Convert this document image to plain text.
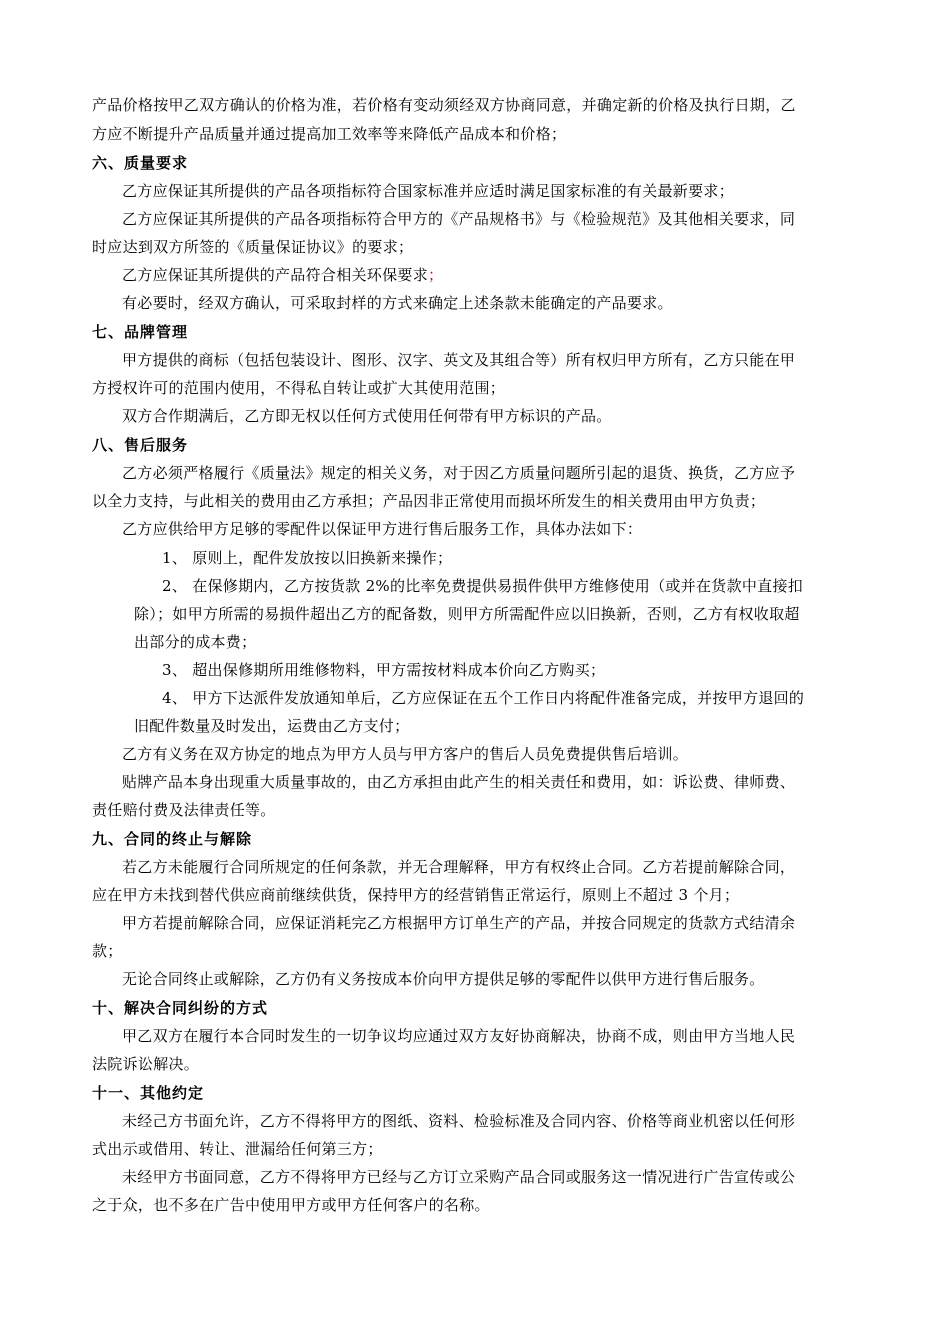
产品价格按甲乙双方确认的价格为准，若价格有变动须经双方协商同意，并确定新的价格及执行日期，乙
方应不断提升产品质量并通过提高加工效率等来降低产品成本和价格；
六、质量要求
乙方应保证其所提供的产品各项指标符合国家标准并应适时满足国家标准的有关最新要求；
乙方应保证其所提供的产品各项指标符合甲方的《产品规格书》与《检验规范》及其他相关要求，同
时应达到双方所签的《质量保证协议》的要求；
乙方应保证其所提供的产品符合相关环保要求；
有必要时，经双方确认，可采取封样的方式来确定上述条款未能确定的产品要求。
七、品牌管理
甲方提供的商标（包括包装设计、图形、汉字、英文及其组合等）所有权归甲方所有，乙方只能在甲
方授权许可的范围内使用，不得私自转让或扩大其使用范围；
双方合作期满后，乙方即无权以任何方式使用任何带有甲方标识的产品。
八、售后服务
乙方必须严格履行《质量法》规定的相关义务，对于因乙方质量问题所引起的退货、换货，乙方应予
以全力支持，与此相关的费用由乙方承担；产品因非正常使用而损坏所发生的相关费用由甲方负责；
乙方应供给甲方足够的零配件以保证甲方进行售后服务工作，具体办法如下：
1、 原则上，配件发放按以旧换新来操作；
2、 在保修期内，乙方按货款 2%的比率免费提供易损件供甲方维修使用（或并在货款中直接扣
除）；如甲方所需的易损件超出乙方的配备数，则甲方所需配件应以旧换新，否则，乙方有权收取超
出部分的成本费；
3、 超出保修期所用维修物料，甲方需按材料成本价向乙方购买；
4、 甲方下达派件发放通知单后，乙方应保证在五个工作日内将配件准备完成，并按甲方退回的
旧配件数量及时发出，运费由乙方支付；
乙方有义务在双方协定的地点为甲方人员与甲方客户的售后人员免费提供售后培训。
贴牌产品本身出现重大质量事故的，由乙方承担由此产生的相关责任和费用，如：诉讼费、律师费、
责任赔付费及法律责任等。
九、合同的终止与解除
若乙方未能履行合同所规定的任何条款，并无合理解释，甲方有权终止合同。乙方若提前解除合同，
应在甲方未找到替代供应商前继续供货，保持甲方的经营销售正常运行，原则上不超过 3 个月；
甲方若提前解除合同，应保证消耗完乙方根据甲方订单生产的产品，并按合同规定的货款方式结清余
款；
无论合同终止或解除，乙方仍有义务按成本价向甲方提供足够的零配件以供甲方进行售后服务。
十、解决合同纠纷的方式
甲乙双方在履行本合同时发生的一切争议均应通过双方友好协商解决，协商不成，则由甲方当地人民
法院诉讼解决。
十一、其他约定
未经己方书面允许，乙方不得将甲方的图纸、资料、检验标准及合同内容、价格等商业机密以任何形
式出示或借用、转让、泄漏给任何第三方；
未经甲方书面同意，乙方不得将甲方已经与乙方订立采购产品合同或服务这一情况进行广告宣传或公
之于众，也不多在广告中使用甲方或甲方任何客户的名称。
